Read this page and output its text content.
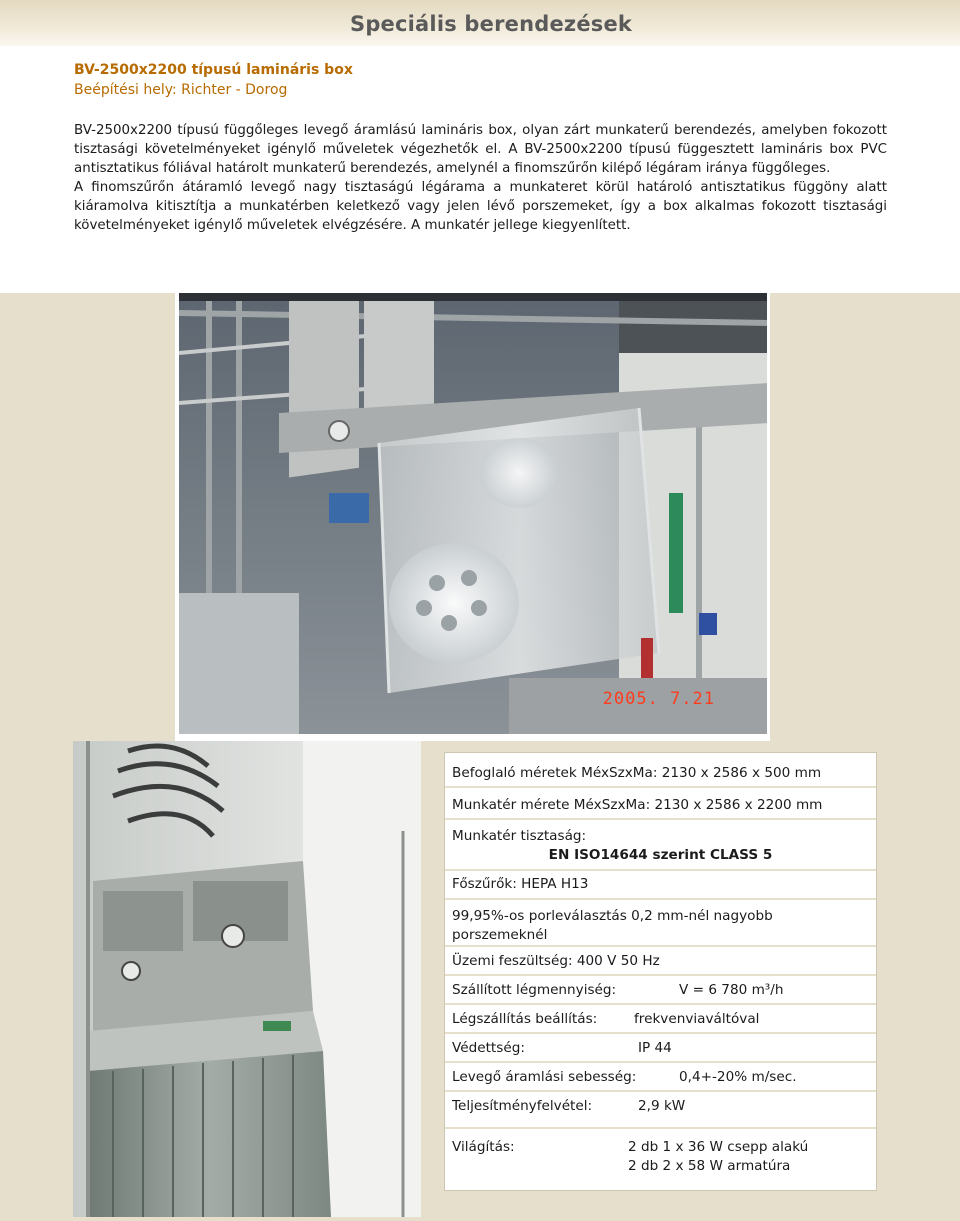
Speciális berendezések
BV-2500x2200 típusú lamináris box
Beépítési hely: Richter - Dorog

BV-2500x2200 típusú függőleges levegő áramlású lamináris box, olyan zárt munkaterű berendezés, amelyben fokozott tisztasági követelményeket igénylő műveletek végezhetők el. A BV-2500x2200 típusú függesztett lamináris box PVC antisztatikus fóliával határolt munkaterű berendezés, amelynél a finomszűrőn kilépő légáram iránya függőleges.

A finomszűrőn átáramló levegő nagy tisztaságú légárama a munkateret körül határoló antisztatikus függöny alatt kiáramolva kitisztítja a munkatérben keletkező vagy jelen lévő porszemeket, így a box alkalmas fokozott tisztasági követelményeket igénylő műveletek elvégzésére. A munkatér jellege kiegyenlített.

2005. 7.21
Befoglaló méretek MéxSzxMa: 2130 x 2586 x 500 mm
Munkatér mérete MéxSzxMa: 2130 x 2586 x 2200 mm
Munkatér tisztaság:
EN ISO14644 szerint CLASS 5
Főszűrők: HEPA H13
99,95%-os porleválasztás 0,2 mm-nél nagyobb porszemeknél
Üzemi feszültség: 400 V 50 Hz
Szállított légmennyiség:	V = 6 780 m³/h
Légszállítás beállítás:	frekvenviaváltóval
Védettség:	IP 44
Levegő áramlási sebesség:	0,4+-20% m/sec.
Teljesítményfelvétel:	2,9 kW
Világítás:	2 db 1 x 36 W csepp alakú
2 db 2 x 58 W armatúra
